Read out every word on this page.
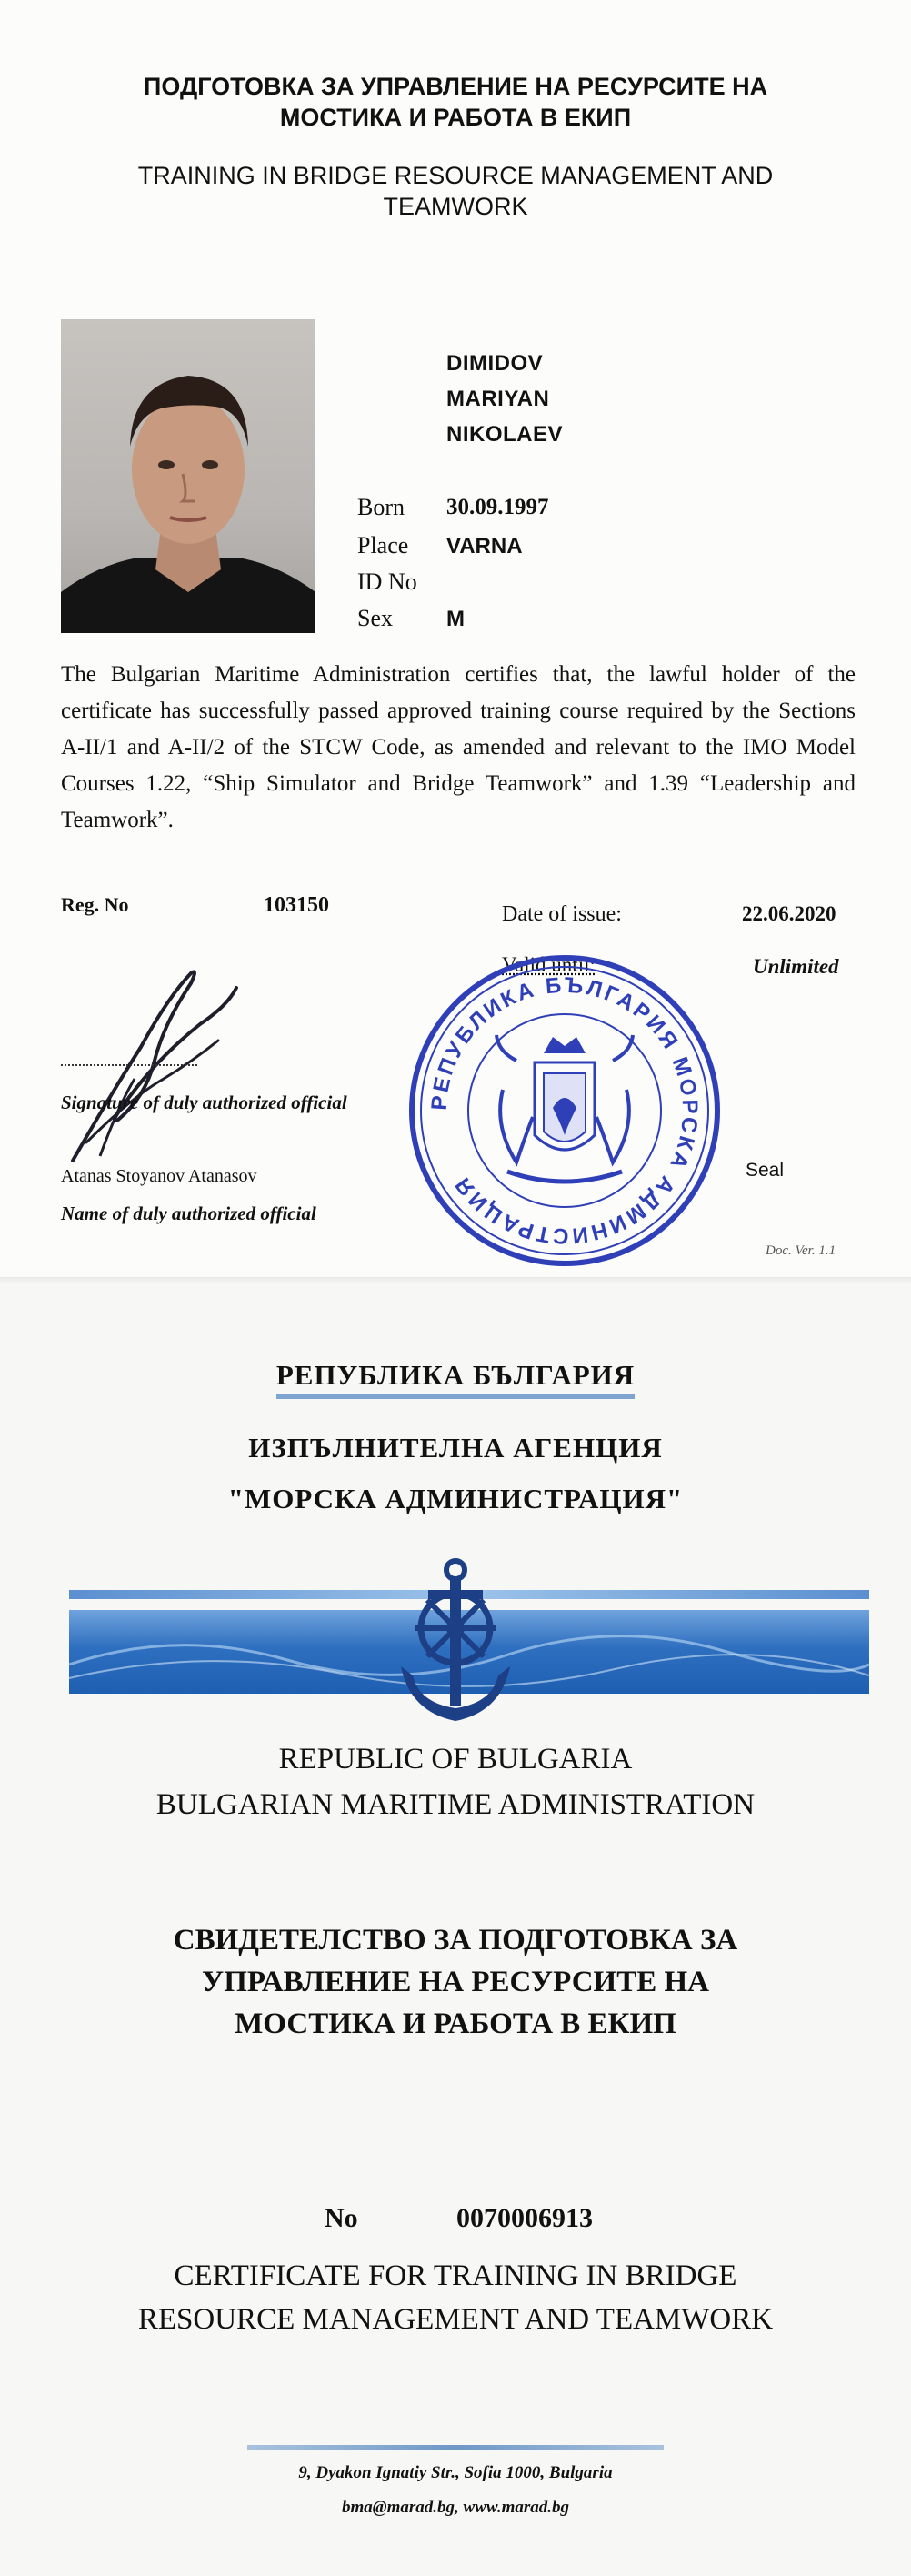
ПОДГОТОВКА ЗА УПРАВЛЕНИЕ НА РЕСУРСИТЕ НА
МОСТИКА И РАБОТА В ЕКИП
TRAINING IN BRIDGE RESOURCE MANAGEMENT AND
TEAMWORK
DIMIDOV
MARIYAN
NIKOLAEV
Born 30.09.1997
Place VARNA
ID No
Sex M
The Bulgarian Maritime Administration certifies that, the lawful holder of the certificate has successfully passed approved training course required by the Sections A-II/1 and A-II/2 of the STCW Code, as amended and relevant to the IMO Model Courses 1.22, “Ship Simulator and Bridge Teamwork” and 1.39 “Leadership and Teamwork”.
Reg. No	103150	Date of issue:	22.06.2020
Valid until:	Unlimited
Signature of duly authorized official
Atanas Stoyanov Atanasov
Name of duly authorized official
РЕПУБЛИКА БЪЛГАРИЯ МОРСКА АДМИНИСТРАЦИЯ
Seal
Doc. Ver. 1.1
РЕПУБЛИКА БЪЛГАРИЯ
ИЗПЪЛНИТЕЛНА АГЕНЦИЯ
"МОРСКА АДМИНИСТРАЦИЯ"
REPUBLIC OF BULGARIA
BULGARIAN MARITIME ADMINISTRATION
СВИДЕТЕЛСТВО ЗА ПОДГОТОВКА ЗА
УПРАВЛЕНИЕ НА РЕСУРСИТЕ НА
МОСТИКА И РАБОТА В ЕКИП
No	0070006913
CERTIFICATE FOR TRAINING IN BRIDGE
RESOURCE MANAGEMENT AND TEAMWORK
9, Dyakon Ignatiy Str., Sofia 1000, Bulgaria
bma@marad.bg, www.marad.bg
